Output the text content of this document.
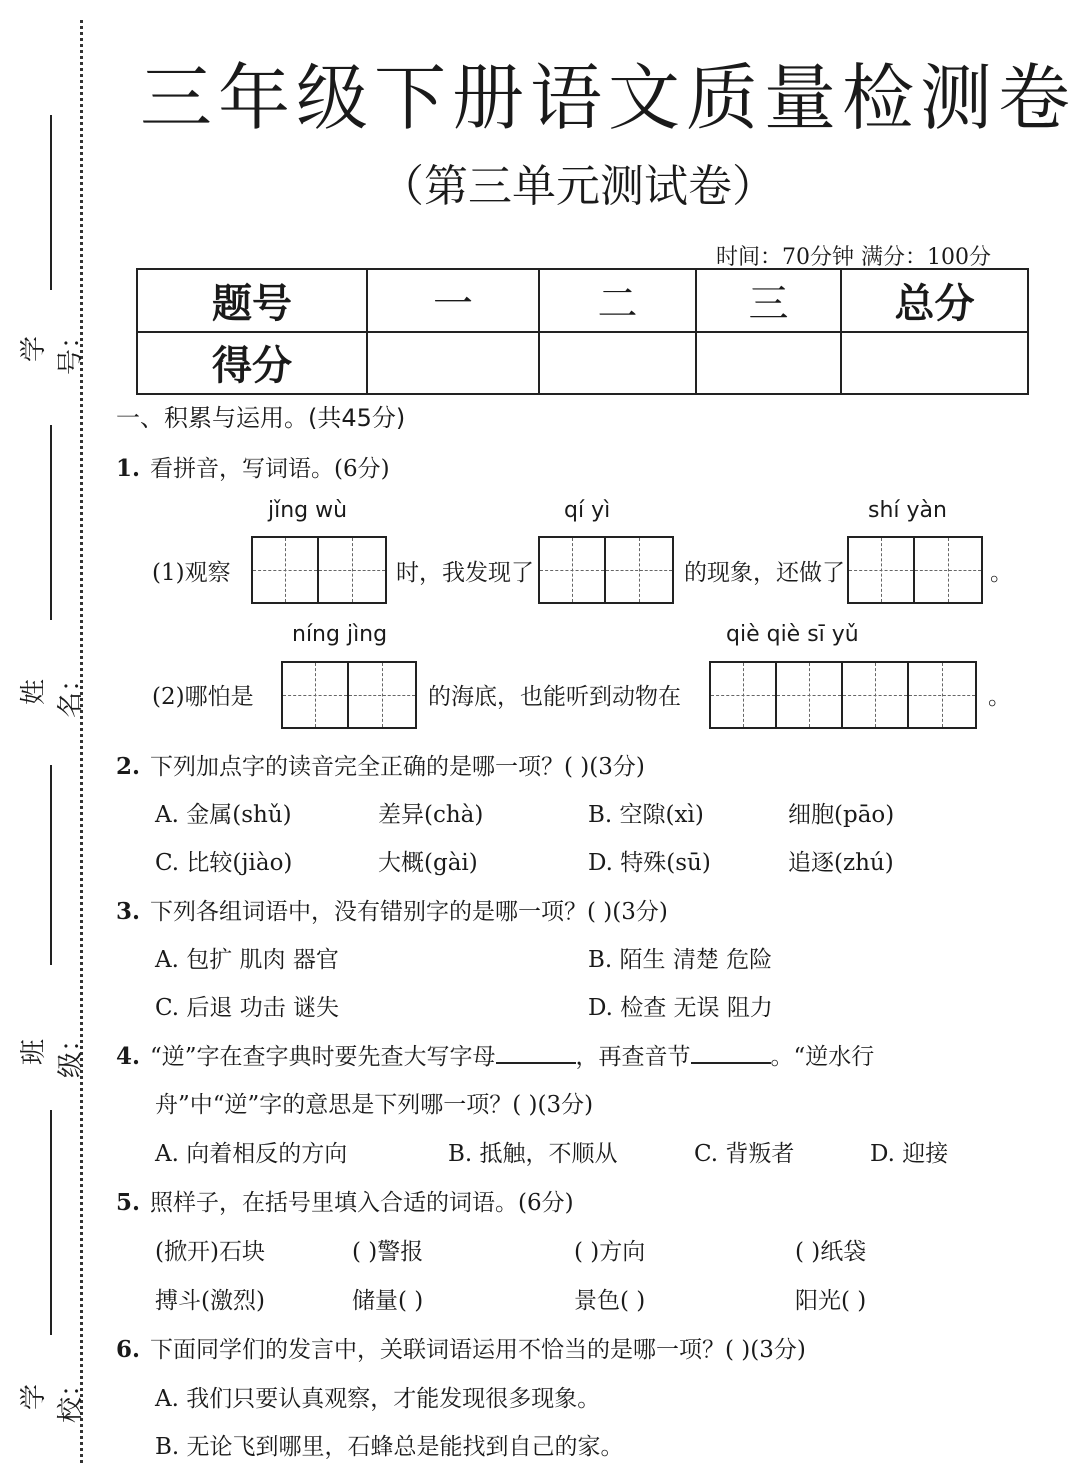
学号：
姓名：
班级：
学校：
三年级下册语文质量检测卷
（第三单元测试卷）
时间：70分钟 满分：100分
题号	一	二	三	总分
得分				
一、积累与运用。(共45分)
1. 看拼音，写词语。(6分)
jǐng wù	qí yì	shí yàn
(1)观察	时，我发现了	的现象，还做了	。
níng jìng	qiè qiè sī yǔ
(2)哪怕是	的海底，也能听到动物在	。
2. 下列加点字的读音完全正确的是哪一项？( )(3分)
A. 金属(shǔ)	差异(chà)	B. 空隙(xì)	细胞(pāo)
C. 比较(jiào)	大概(gài)	D. 特殊(sū)	追逐(zhú)
3. 下列各组词语中，没有错别字的是哪一项？( )(3分)
A. 包扩 肌肉 器官	B. 陌生 清楚 危险
C. 后退 功击 谜失	D. 检查 无误 阻力
4. “逆”字在查字典时要先查大写字母	，再查音节	。“逆水行
舟”中“逆”字的意思是下列哪一项？( )(3分)
A. 向着相反的方向	B. 抵触，不顺从	C. 背叛者	D. 迎接
5. 照样子，在括号里填入合适的词语。(6分)
(掀开)石块	( )警报	( )方向	( )纸袋
搏斗(激烈)	储量( )	景色( )	阳光( )
6. 下面同学们的发言中，关联词语运用不恰当的是哪一项？( )(3分)
A. 我们只要认真观察，才能发现很多现象。
B. 无论飞到哪里，石蜂总是能找到自己的家。
